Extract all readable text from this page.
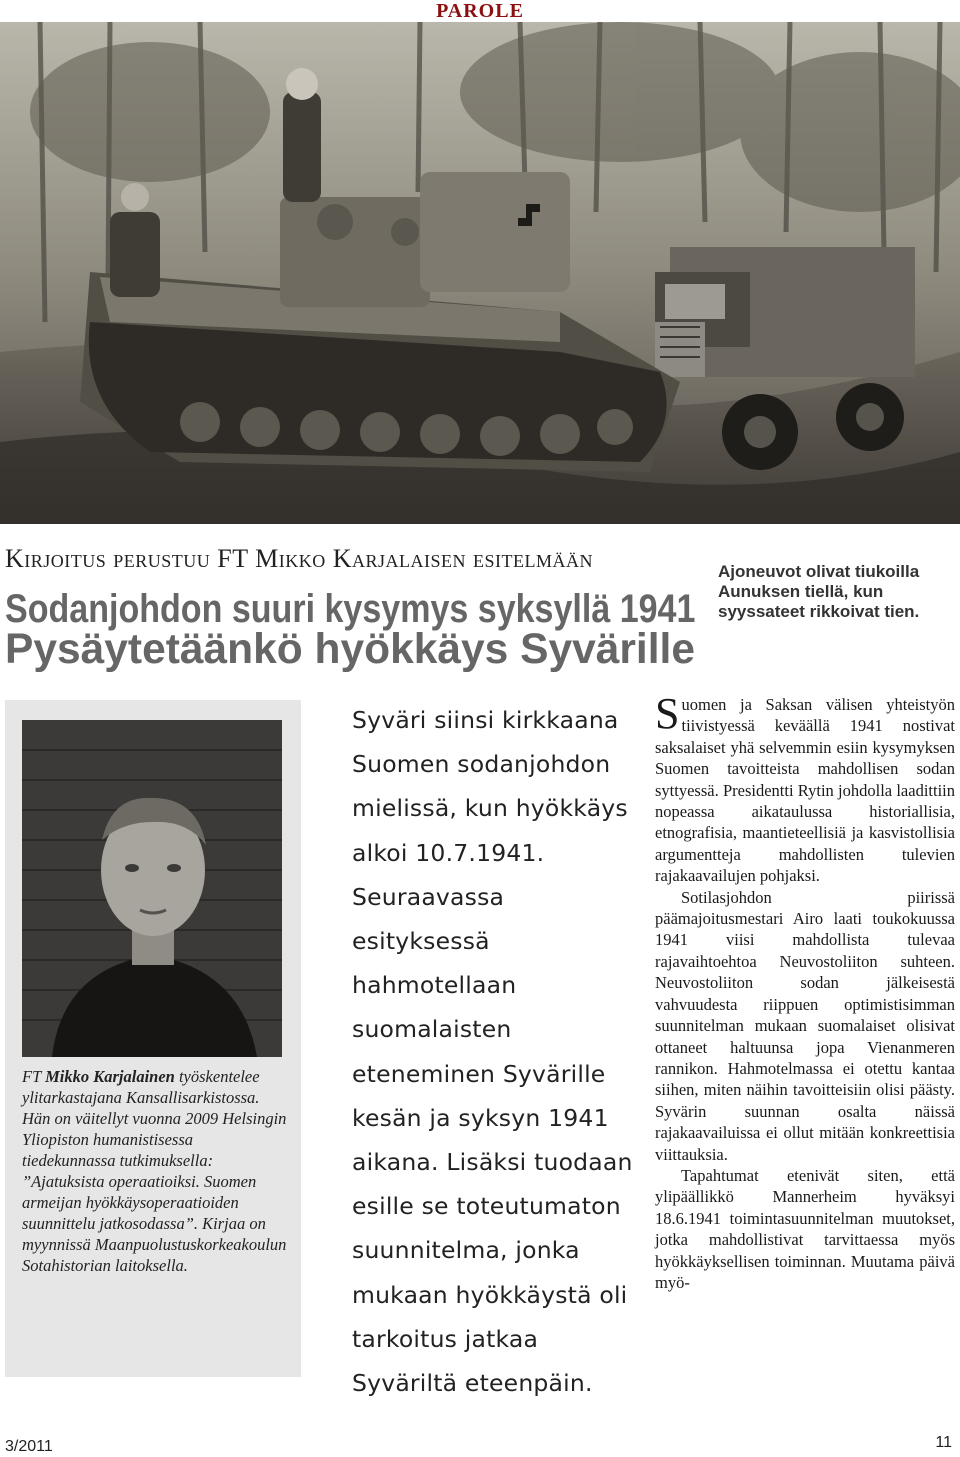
PAROLE
Kirjoitus perustuu FT Mikko Karjalaisen esitelmään
Sodanjohdon suuri kysymys syksyllä 1941
Pysäytetäänkö hyökkäys Syvärille
Ajoneuvot olivat tiukoilla Aunuksen tiellä, kun syyssateet rikkoivat tien.
FT Mikko Karjalainen työskentelee ylitarkastajana Kansallisarkistossa. Hän on väitellyt vuonna 2009 Helsingin Yliopiston humanistisessa tiedekunnassa tutkimuksella: ”Ajatuksista operaatioiksi. Suomen armeijan hyökkäysoperaatioiden suunnittelu jatkosodassa”. Kirjaa on myynnissä Maanpuolustuskorkeakoulun Sotahistorian laitoksella.
Syväri siinsi kirkkaana Suomen sodanjohdon mielissä, kun hyökkäys alkoi 10.7.1941. Seuraavassa esityksessä hahmotellaan suomalaisten eteneminen Syvärille kesän ja syksyn 1941 aikana. Lisäksi tuodaan esille se toteutumaton suunnitelma, jonka mukaan hyökkäystä oli tarkoitus jatkaa Syväriltä eteenpäin.

Suomen ja Saksan välisen yhteistyön tiivistyessä keväällä 1941 nostivat saksalaiset yhä selvemmin esiin kysymyksen Suomen tavoitteista mahdollisen sodan syttyessä. Presidentti Rytin johdolla laadittiin nopeassa aikataulussa historiallisia, etnografisia, maantieteellisiä ja kasvistollisia argumentteja mahdollisten tulevien rajakaavailujen pohjaksi.

Sotilasjohdon piirissä päämajoitusmestari Airo laati toukokuussa 1941 viisi mahdollista tulevaa rajavaihtoehtoa Neuvostoliiton suhteen. Neuvostoliiton sodan jälkeisestä vahvuudesta riippuen optimistisimman suunnitelman mukaan suomalaiset olisivat ottaneet haltuunsa jopa Vienanmeren rannikon. Hahmotelmassa ei otettu kantaa siihen, miten näihin tavoitteisiin olisi päästy. Syvärin suunnan osalta näissä rajakaavailuissa ei ollut mitään konkreettisia viittauksia.

Tapahtumat etenivät siten, että ylipäällikkö Mannerheim hyväksyi 18.6.1941 toimintasuunnitelman muutokset, jotka mahdollistivat tarvittaessa myös hyökkäyksellisen toiminnan. Muutama päivä myö-

3/2011	11
